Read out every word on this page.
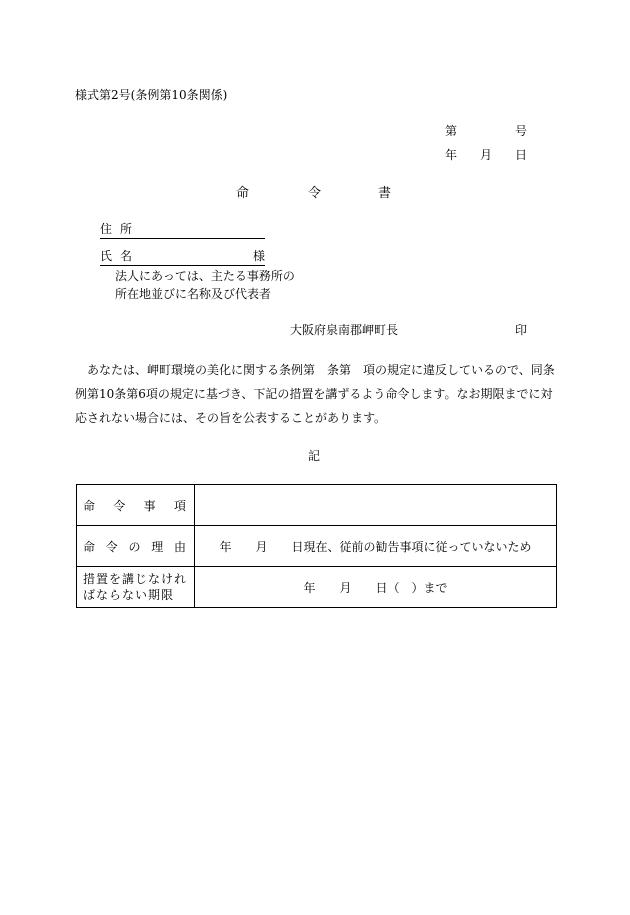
様式第2号(条例第10条関係)
第	号
年 月 日
命	令	書
住所
氏名	様
法人にあっては、主たる事務所の
所在地並びに名称及び代表者
大阪府泉南郡岬町長	印
あなたは、岬町環境の美化に関する条例第　条第　項の規定に違反しているので、同条例第10条第6項の規定に基づき、下記の措置を講ずるよう命令します。なお期限までに対応されない場合には、その旨を公表することがあります。
記
命 令 事 項	

命 令 の 理 由	年　　月　　日現在、従前の勧告事項に従っていないため

措置を講じなけれ
ばならない期限	年　　月　　日（　）まで
